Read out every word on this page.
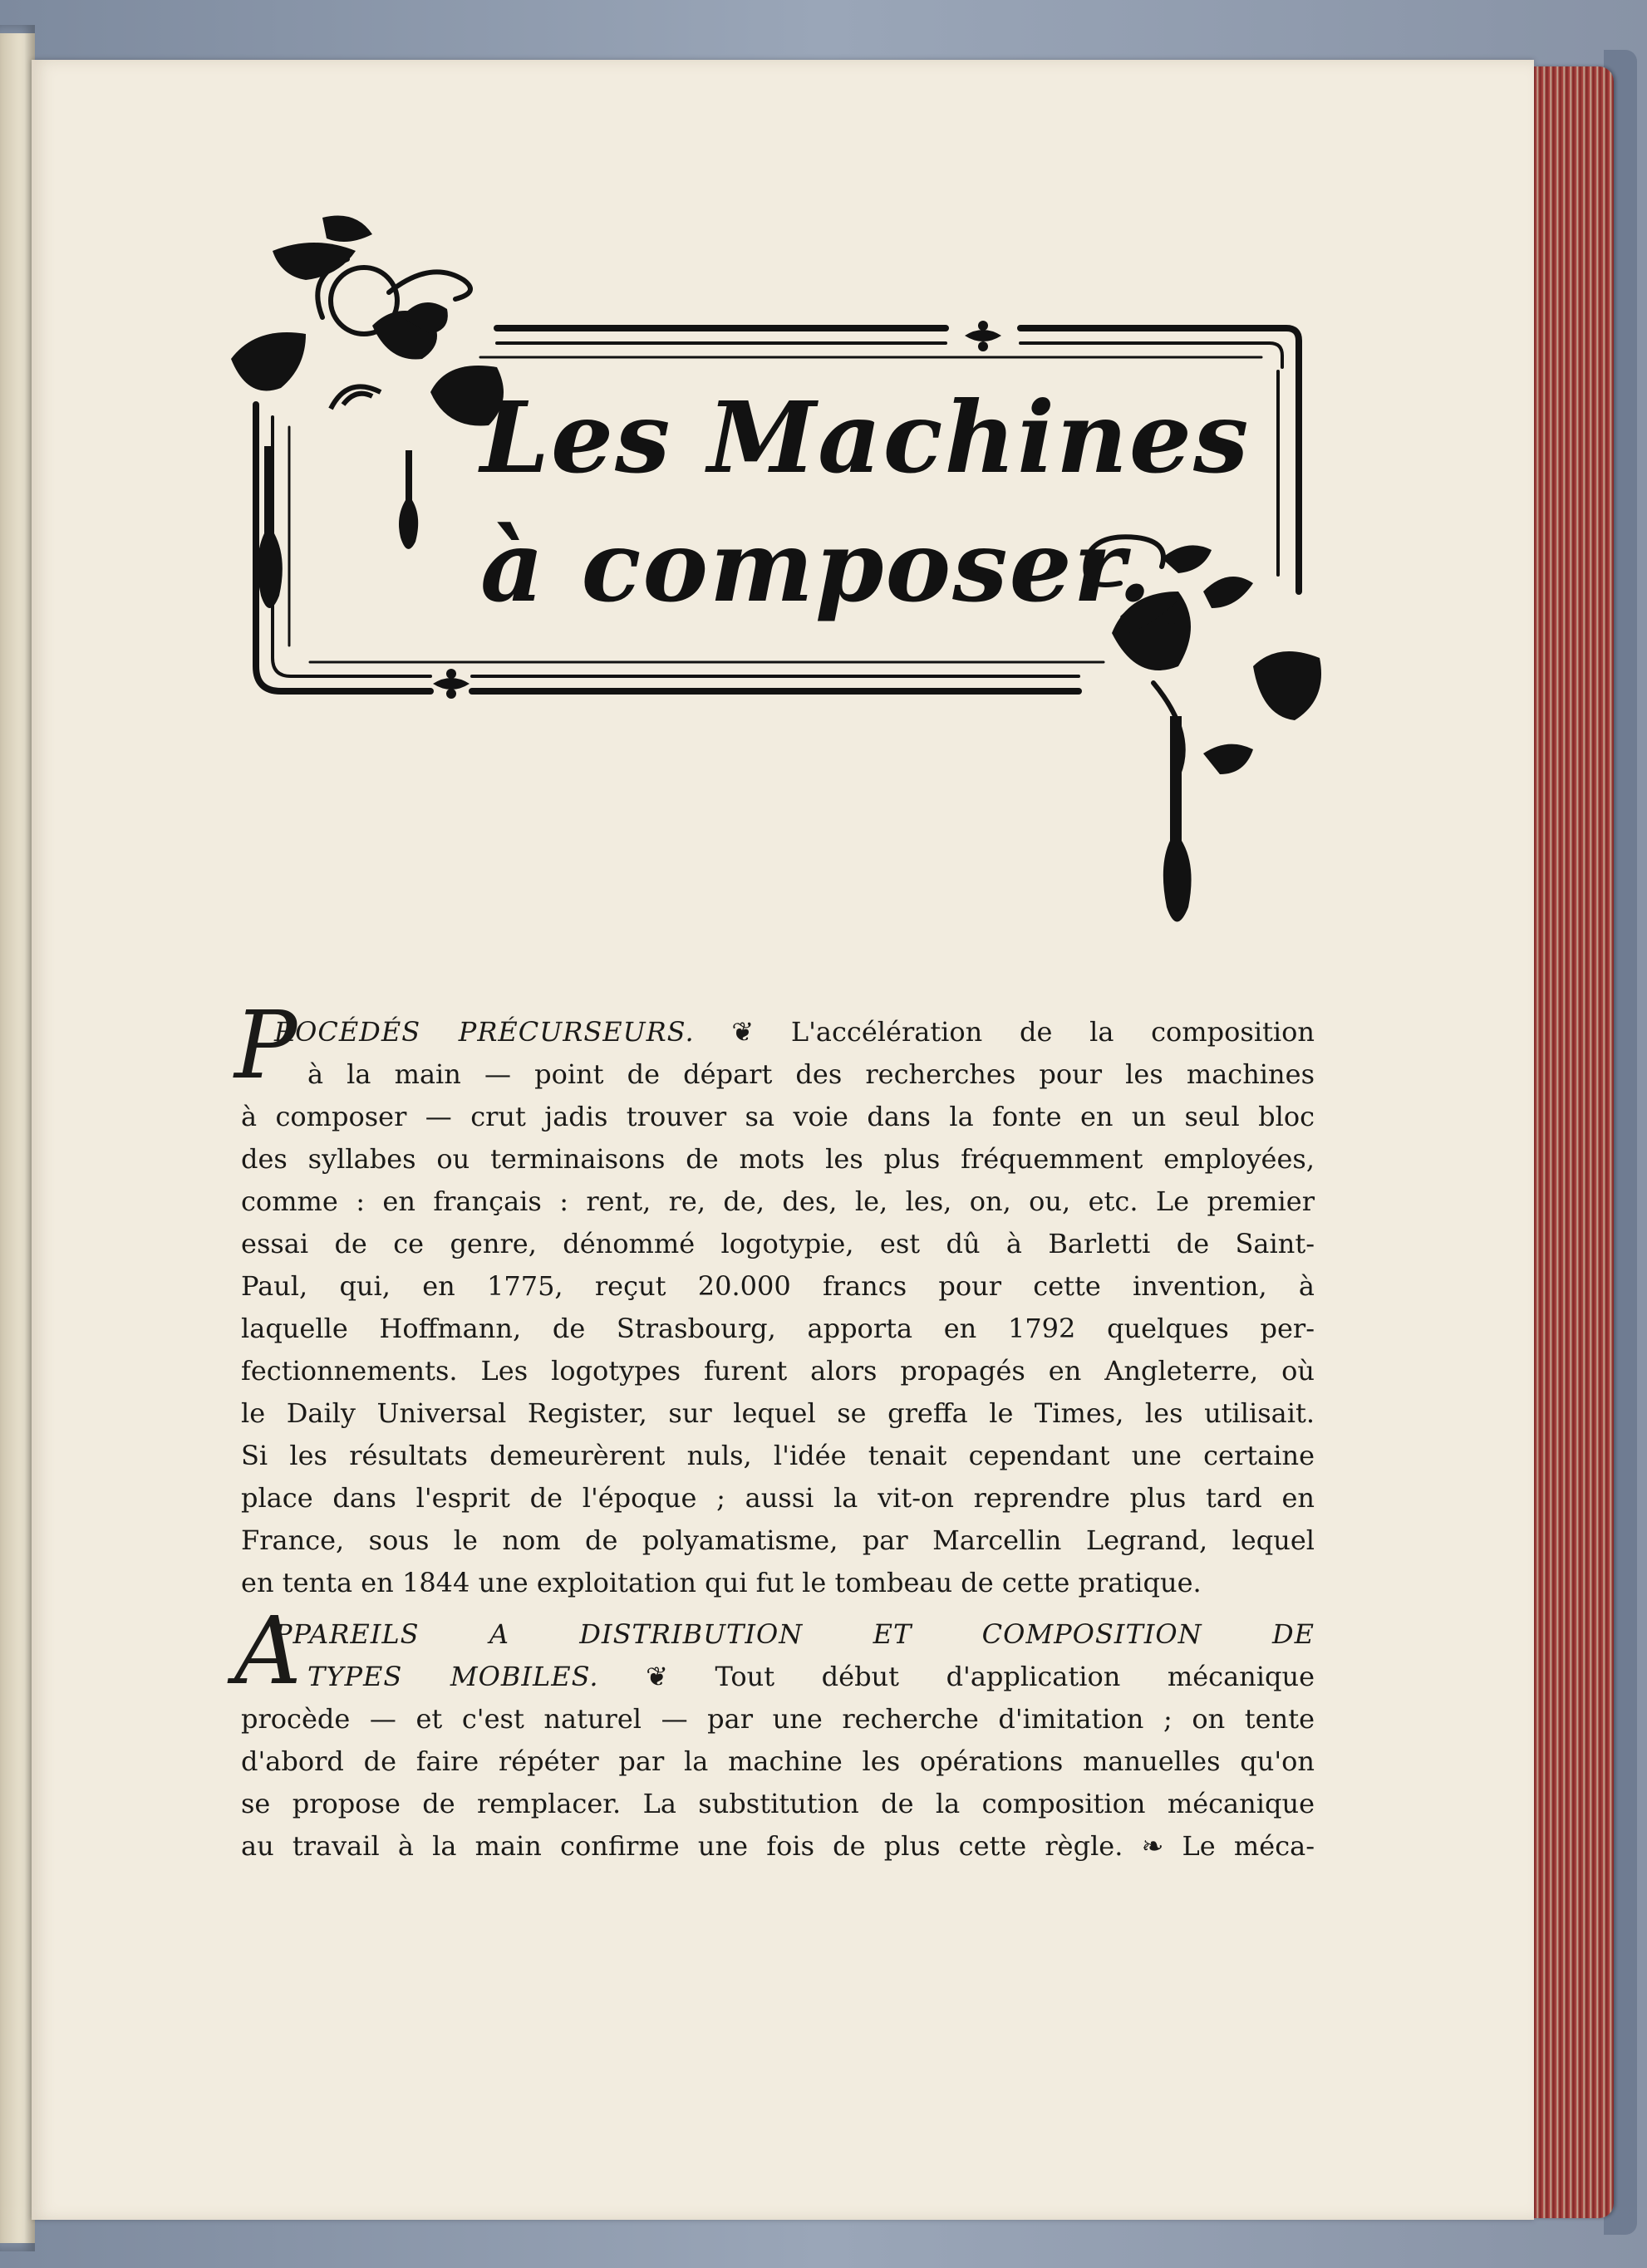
Les Machines
à composer.

P
ROCÉDÉS PRÉCURSEURS. ❦ L'accélération de la composition
à la main — point de départ des recherches pour les machines
à composer — crut jadis trouver sa voie dans la fonte en un seul bloc
des syllabes ou terminaisons de mots les plus fréquemment employées,
comme : en français : rent, re, de, des, le, les, on, ou, etc. Le premier
essai de ce genre, dénommé logotypie, est dû à Barletti de Saint-
Paul, qui, en 1775, reçut 20.000 francs pour cette invention, à
laquelle Hoffmann, de Strasbourg, apporta en 1792 quelques per-
fectionnements. Les logotypes furent alors propagés en Angleterre, où
le Daily Universal Register, sur lequel se greffa le Times, les utilisait.
Si les résultats demeurèrent nuls, l'idée tenait cependant une certaine
place dans l'esprit de l'époque ; aussi la vit-on reprendre plus tard en
France, sous le nom de polyamatisme, par Marcellin Legrand, lequel
en tenta en 1844 une exploitation qui fut le tombeau de cette pratique.
A
PPAREILS A DISTRIBUTION ET COMPOSITION DE
TYPES MOBILES. ❦ Tout début d'application mécanique
procède — et c'est naturel — par une recherche d'imitation ; on tente
d'abord de faire répéter par la machine les opérations manuelles qu'on
se propose de remplacer. La substitution de la composition mécanique
au travail à la main confirme une fois de plus cette règle. ❧ Le méca-
